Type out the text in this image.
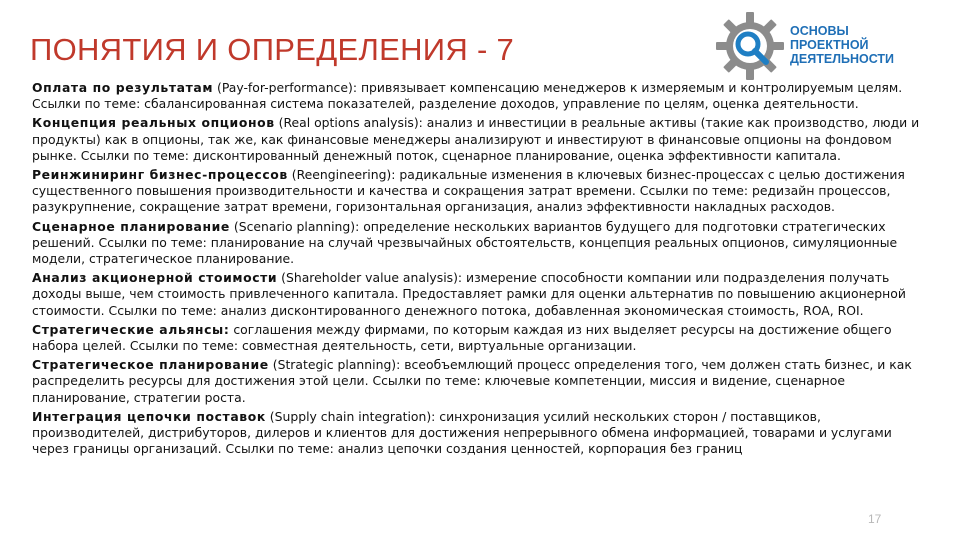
ПОНЯТИЯ И ОПРЕДЕЛЕНИЯ - 7
ОСНОВЫ
ПРОЕКТНОЙ
ДЕЯТЕЛЬНОСТИ
Оплата по результатам (Pay-for-performance): привязывает компенсацию менеджеров к измеряемым и контролируемым целям. Ссылки по теме: сбалансированная система показателей, разделение доходов, управление по целям, оценка деятельности.
Концепция реальных опционов (Real options analysis): анализ и инвестиции в реальные активы (такие как производство, люди и продукты) как в опционы, так же, как финансовые менеджеры анализируют и инвестируют в финансовые опционы на фондовом рынке. Ссылки по теме: дисконтированный денежный поток, сценарное планирование, оценка эффективности капитала.
Реинжиниринг бизнес-процессов (Reengineering): радикальные изменения в ключевых бизнес-процессах с целью достижения существенного повышения производительности и качества и сокращения затрат времени. Ссылки по теме: редизайн процессов, разукрупнение, сокращение затрат времени, горизонтальная организация, анализ эффективности накладных расходов.
Сценарное планирование (Scenario planning): определение нескольких вариантов будущего для подготовки стратегических решений. Ссылки по теме: планирование на случай чрезвычайных обстоятельств, концепция реальных опционов, симуляционные модели, стратегическое планирование.
Анализ акционерной стоимости (Shareholder value analysis): измерение способности компании или подразделения получать доходы выше, чем стоимость привлеченного капитала. Предоставляет рамки для оценки альтернатив по повышению акционерной стоимости. Ссылки по теме: анализ дисконтированного денежного потока, добавленная экономическая стоимость, ROA, ROI.
Стратегические альянсы: соглашения между фирмами, по которым каждая из них выделяет ресурсы на достижение общего набора целей. Ссылки по теме: совместная деятельность, сети, виртуальные организации.
Стратегическое планирование (Strategic planning): всеобъемлющий процесс определения того, чем должен стать бизнес, и как распределить ресурсы для достижения этой цели. Ссылки по теме: ключевые компетенции, миссия и видение, сценарное планирование, стратегии роста.
Интеграция цепочки поставок (Supply chain integration): синхронизация усилий нескольких сторон / поставщиков, производителей, дистрибуторов, дилеров и клиентов для достижения непрерывного обмена информацией, товарами и услугами через границы организаций. Ссылки по теме: анализ цепочки создания ценностей, корпорация без границ
17
